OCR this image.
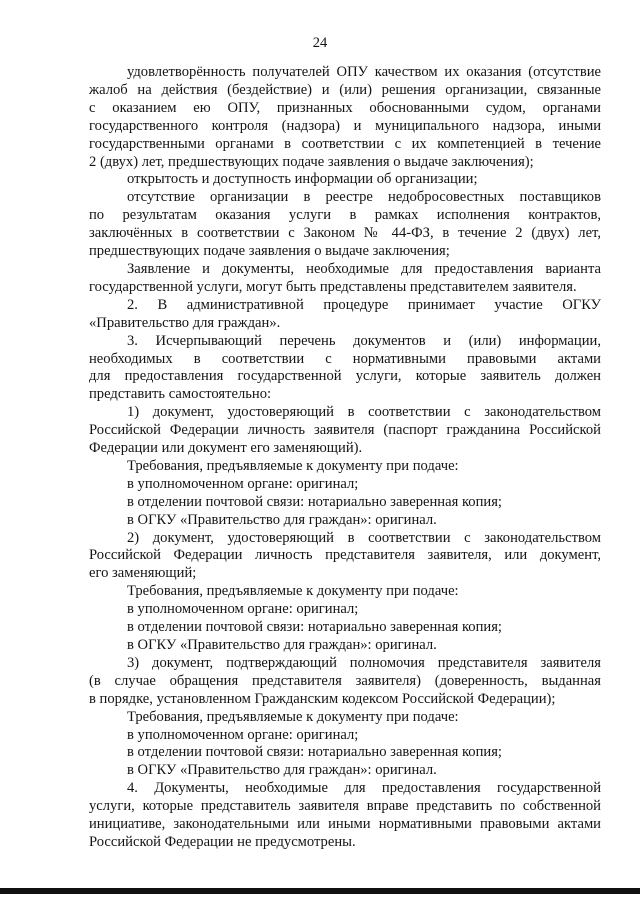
24

удовлетворённость получателей ОПУ качеством их оказания (отсутствие

жалоб на действия (бездействие) и (или) решения организации, связанные

с оказанием ею ОПУ, признанных обоснованными судом, органами

государственного контроля (надзора) и муниципального надзора, иными

государственными органами в соответствии с их компетенцией в течение

2 (двух) лет, предшествующих подаче заявления о выдаче заключения);

открытость и доступность информации об организации;

отсутствие организации в реестре недобросовестных поставщиков

по результатам оказания услуги в рамках исполнения контрактов,

заключённых в соответствии с Законом № 44-ФЗ, в течение 2 (двух) лет,

предшествующих подаче заявления о выдаче заключения;

Заявление и документы, необходимые для предоставления варианта

государственной услуги, могут быть представлены представителем заявителя.

2. В административной процедуре принимает участие ОГКУ

«Правительство для граждан».

3. Исчерпывающий перечень документов и (или) информации,

необходимых в соответствии с нормативными правовыми актами

для предоставления государственной услуги, которые заявитель должен

представить самостоятельно:

1) документ, удостоверяющий в соответствии с законодательством

Российской Федерации личность заявителя (паспорт гражданина Российской

Федерации или документ его заменяющий).

Требования, предъявляемые к документу при подаче:

в уполномоченном органе: оригинал;

в отделении почтовой связи: нотариально заверенная копия;

в ОГКУ «Правительство для граждан»: оригинал.

2) документ, удостоверяющий в соответствии с законодательством

Российской Федерации личность представителя заявителя, или документ,

его заменяющий;

Требования, предъявляемые к документу при подаче:

в уполномоченном органе: оригинал;

в отделении почтовой связи: нотариально заверенная копия;

в ОГКУ «Правительство для граждан»: оригинал.

3) документ, подтверждающий полномочия представителя заявителя

(в случае обращения представителя заявителя) (доверенность, выданная

в порядке, установленном Гражданским кодексом Российской Федерации);

Требования, предъявляемые к документу при подаче:

в уполномоченном органе: оригинал;

в отделении почтовой связи: нотариально заверенная копия;

в ОГКУ «Правительство для граждан»: оригинал.

4. Документы, необходимые для предоставления государственной

услуги, которые представитель заявителя вправе представить по собственной

инициативе, законодательными или иными нормативными правовыми актами

Российской Федерации не предусмотрены.
